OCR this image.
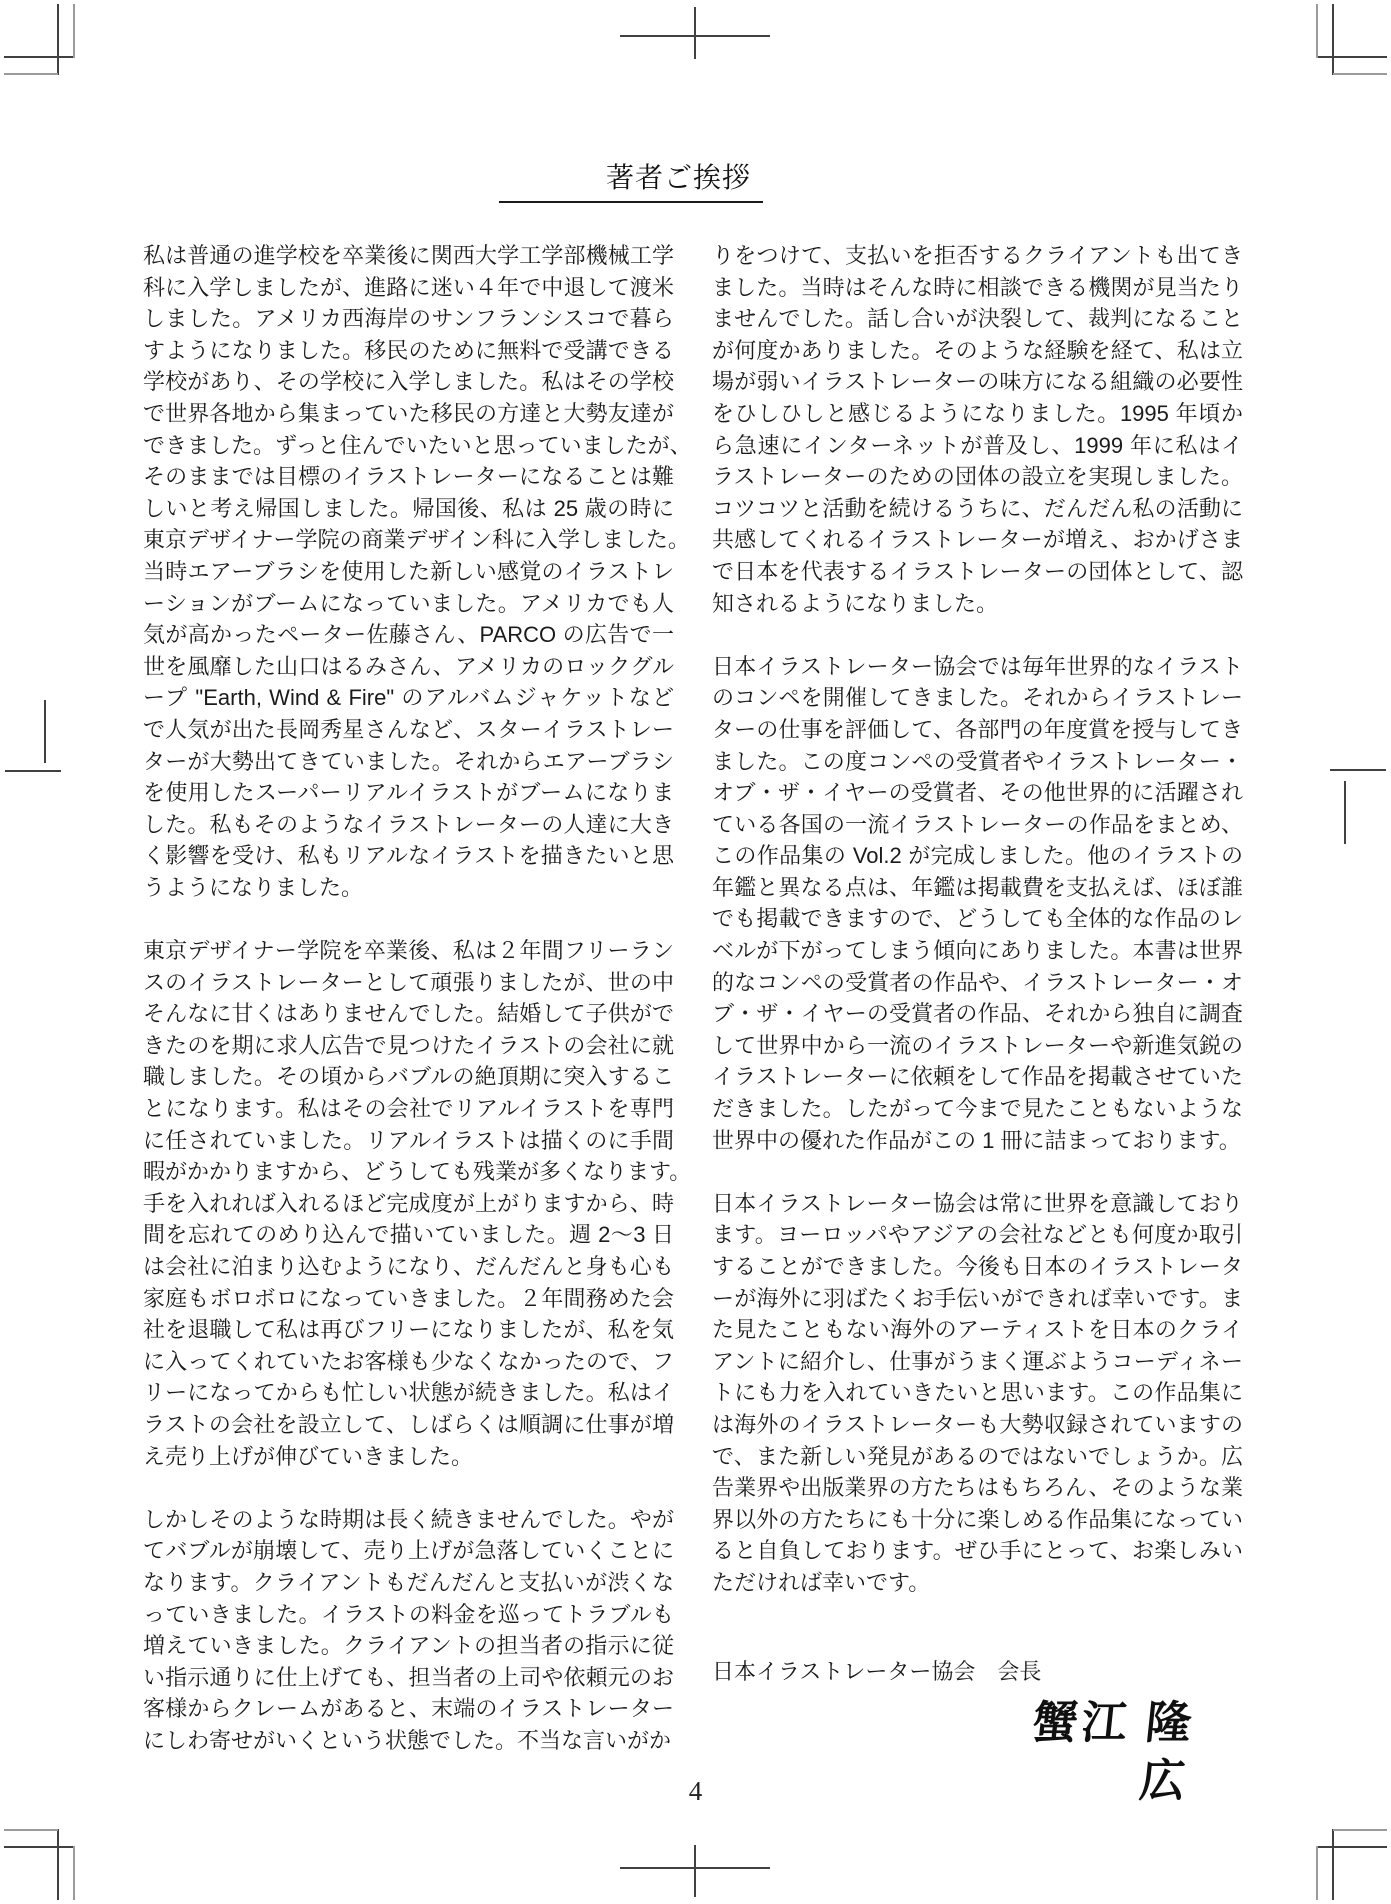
著者ご挨拶
私は普通の進学校を卒業後に関西大学工学部機械工学
科に入学しましたが、進路に迷い４年で中退して渡米
しました。アメリカ西海岸のサンフランシスコで暮ら
すようになりました。移民のために無料で受講できる
学校があり、その学校に入学しました。私はその学校
で世界各地から集まっていた移民の方達と大勢友達が
できました。ずっと住んでいたいと思っていましたが、
そのままでは目標のイラストレーターになることは難
しいと考え帰国しました。帰国後、私は 25 歳の時に
東京デザイナー学院の商業デザイン科に入学しました。
当時エアーブラシを使用した新しい感覚のイラストレ
ーションがブームになっていました。アメリカでも人
気が高かったペーター佐藤さん、PARCO の広告で一
世を風靡した山口はるみさん、アメリカのロックグル
ープ "Earth, Wind & Fire" のアルバムジャケットなど
で人気が出た長岡秀星さんなど、スターイラストレー
ターが大勢出てきていました。それからエアーブラシ
を使用したスーパーリアルイラストがブームになりま
した。私もそのようなイラストレーターの人達に大き
く影響を受け、私もリアルなイラストを描きたいと思
うようになりました。
東京デザイナー学院を卒業後、私は２年間フリーラン
スのイラストレーターとして頑張りましたが、世の中
そんなに甘くはありませんでした。結婚して子供がで
きたのを期に求人広告で見つけたイラストの会社に就
職しました。その頃からバブルの絶頂期に突入するこ
とになります。私はその会社でリアルイラストを専門
に任されていました。リアルイラストは描くのに手間
暇がかかりますから、どうしても残業が多くなります。
手を入れれば入れるほど完成度が上がりますから、時
間を忘れてのめり込んで描いていました。週 2〜3 日
は会社に泊まり込むようになり、だんだんと身も心も
家庭もボロボロになっていきました。２年間務めた会
社を退職して私は再びフリーになりましたが、私を気
に入ってくれていたお客様も少なくなかったので、フ
リーになってからも忙しい状態が続きました。私はイ
ラストの会社を設立して、しばらくは順調に仕事が増
え売り上げが伸びていきました。
しかしそのような時期は長く続きませんでした。やが
てバブルが崩壊して、売り上げが急落していくことに
なります。クライアントもだんだんと支払いが渋くな
っていきました。イラストの料金を巡ってトラブルも
増えていきました。クライアントの担当者の指示に従
い指示通りに仕上げても、担当者の上司や依頼元のお
客様からクレームがあると、末端のイラストレーター
にしわ寄せがいくという状態でした。不当な言いがか
りをつけて、支払いを拒否するクライアントも出てき
ました。当時はそんな時に相談できる機関が見当たり
ませんでした。話し合いが決裂して、裁判になること
が何度かありました。そのような経験を経て、私は立
場が弱いイラストレーターの味方になる組織の必要性
をひしひしと感じるようになりました。1995 年頃か
ら急速にインターネットが普及し、1999 年に私はイ
ラストレーターのための団体の設立を実現しました。
コツコツと活動を続けるうちに、だんだん私の活動に
共感してくれるイラストレーターが増え、おかげさま
で日本を代表するイラストレーターの団体として、認
知されるようになりました。
日本イラストレーター協会では毎年世界的なイラスト
のコンペを開催してきました。それからイラストレー
ターの仕事を評価して、各部門の年度賞を授与してき
ました。この度コンペの受賞者やイラストレーター・
オブ・ザ・イヤーの受賞者、その他世界的に活躍され
ている各国の一流イラストレーターの作品をまとめ、
この作品集の Vol.2 が完成しました。他のイラストの
年鑑と異なる点は、年鑑は掲載費を支払えば、ほぼ誰
でも掲載できますので、どうしても全体的な作品のレ
ベルが下がってしまう傾向にありました。本書は世界
的なコンペの受賞者の作品や、イラストレーター・オ
ブ・ザ・イヤーの受賞者の作品、それから独自に調査
して世界中から一流のイラストレーターや新進気鋭の
イラストレーターに依頼をして作品を掲載させていた
だきました。したがって今まで見たこともないような
世界中の優れた作品がこの 1 冊に詰まっております。
日本イラストレーター協会は常に世界を意識しており
ます。ヨーロッパやアジアの会社などとも何度か取引
することができました。今後も日本のイラストレータ
ーが海外に羽ばたくお手伝いができれば幸いです。ま
た見たこともない海外のアーティストを日本のクライ
アントに紹介し、仕事がうまく運ぶようコーディネー
トにも力を入れていきたいと思います。この作品集に
は海外のイラストレーターも大勢収録されていますの
で、また新しい発見があるのではないでしょうか。広
告業界や出版業界の方たちはもちろん、そのような業
界以外の方たちにも十分に楽しめる作品集になってい
ると自負しております。ぜひ手にとって、お楽しみい
ただければ幸いです。
日本イラストレーター協会　会長
蟹江 隆広
4
